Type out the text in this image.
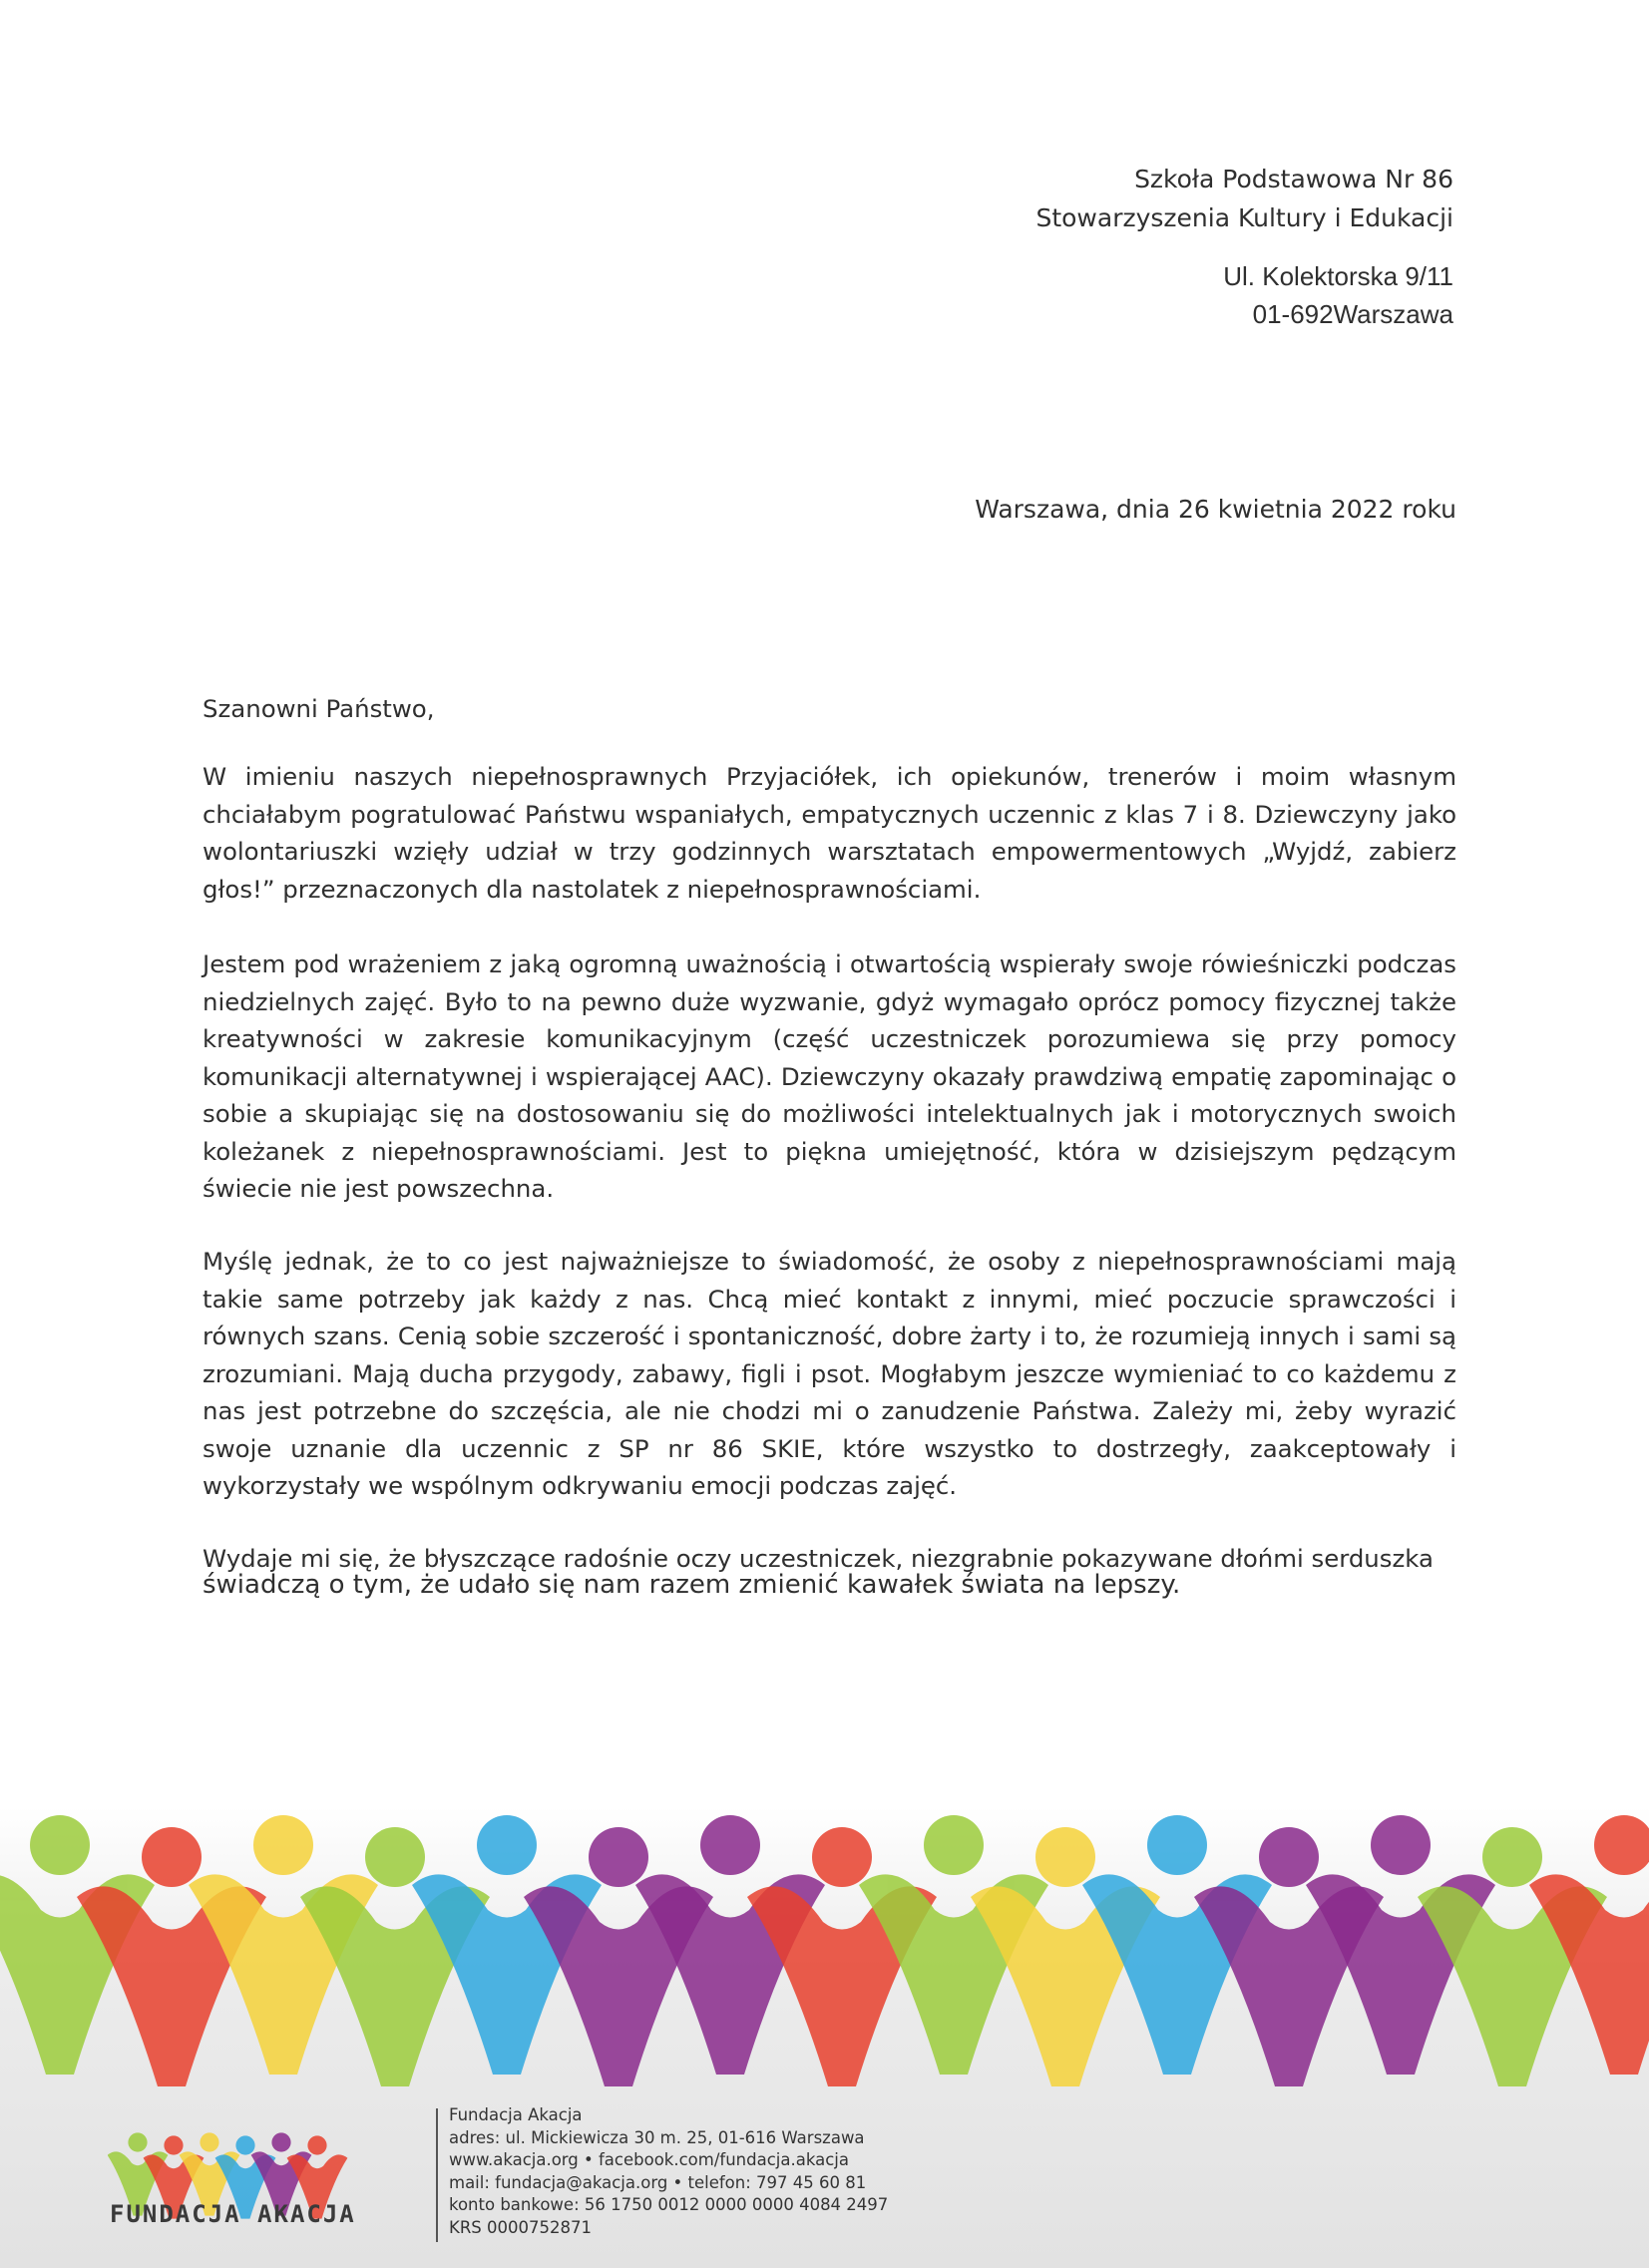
Szkoła Podstawowa Nr 86
Stowarzyszenia Kultury i Edukacji
Ul. Kolektorska 9/11
01-692Warszawa
Warszawa, dnia 26 kwietnia 2022 roku
Szanowni Państwo,
W imieniu naszych niepełnosprawnych Przyjaciółek, ich opiekunów, trenerów i moim własnym chciałabym pogratulować Państwu wspaniałych, empatycznych uczennic z klas 7 i 8. Dziewczyny jako wolontariuszki wzięły udział w trzy godzinnych warsztatach empowermentowych „Wyjdź, zabierz głos!” przeznaczonych dla nastolatek z niepełnosprawnościami.
Jestem pod wrażeniem z jaką ogromną uważnością i otwartością wspierały swoje rówieśniczki podczas niedzielnych zajęć. Było to na pewno duże wyzwanie, gdyż wymagało oprócz pomocy fizycznej także kreatywności w zakresie komunikacyjnym (część uczestniczek porozumiewa się przy pomocy komunikacji alternatywnej i wspierającej AAC). Dziewczyny okazały prawdziwą empatię zapominając o sobie a skupiając się na dostosowaniu się do możliwości intelektualnych jak i motorycznych swoich koleżanek z niepełnosprawnościami. Jest to piękna umiejętność, która w dzisiejszym pędzącym świecie nie jest powszechna.
Myślę jednak, że to co jest najważniejsze to świadomość, że osoby z niepełnosprawnościami mają takie same potrzeby jak każdy z nas. Chcą mieć kontakt z innymi, mieć poczucie sprawczości i równych szans. Cenią sobie szczerość i spontaniczność, dobre żarty i to, że rozumieją innych i sami są zrozumiani. Mają ducha przygody, zabawy, figli i psot. Mogłabym jeszcze wymieniać to co każdemu z nas jest potrzebne do szczęścia, ale nie chodzi mi o zanudzenie Państwa. Zależy mi, żeby wyrazić swoje uznanie dla uczennic z SP nr 86 SKIE, które wszystko to dostrzegły, zaakceptowały i wykorzystały we wspólnym odkrywaniu emocji podczas zajęć.
Wydaje mi się, że błyszczące radośnie oczy uczestniczek, niezgrabnie pokazywane dłońmi serduszka
świadczą o tym, że udało się nam razem zmienić kawałek świata na lepszy.
FUNDACJA AKACJA
Fundacja Akacja
adres: ul. Mickiewicza 30 m. 25, 01-616 Warszawa
www.akacja.org • facebook.com/fundacja.akacja
mail: fundacja@akacja.org • telefon: 797 45 60 81
konto bankowe: 56 1750 0012 0000 0000 4084 2497
KRS 0000752871
